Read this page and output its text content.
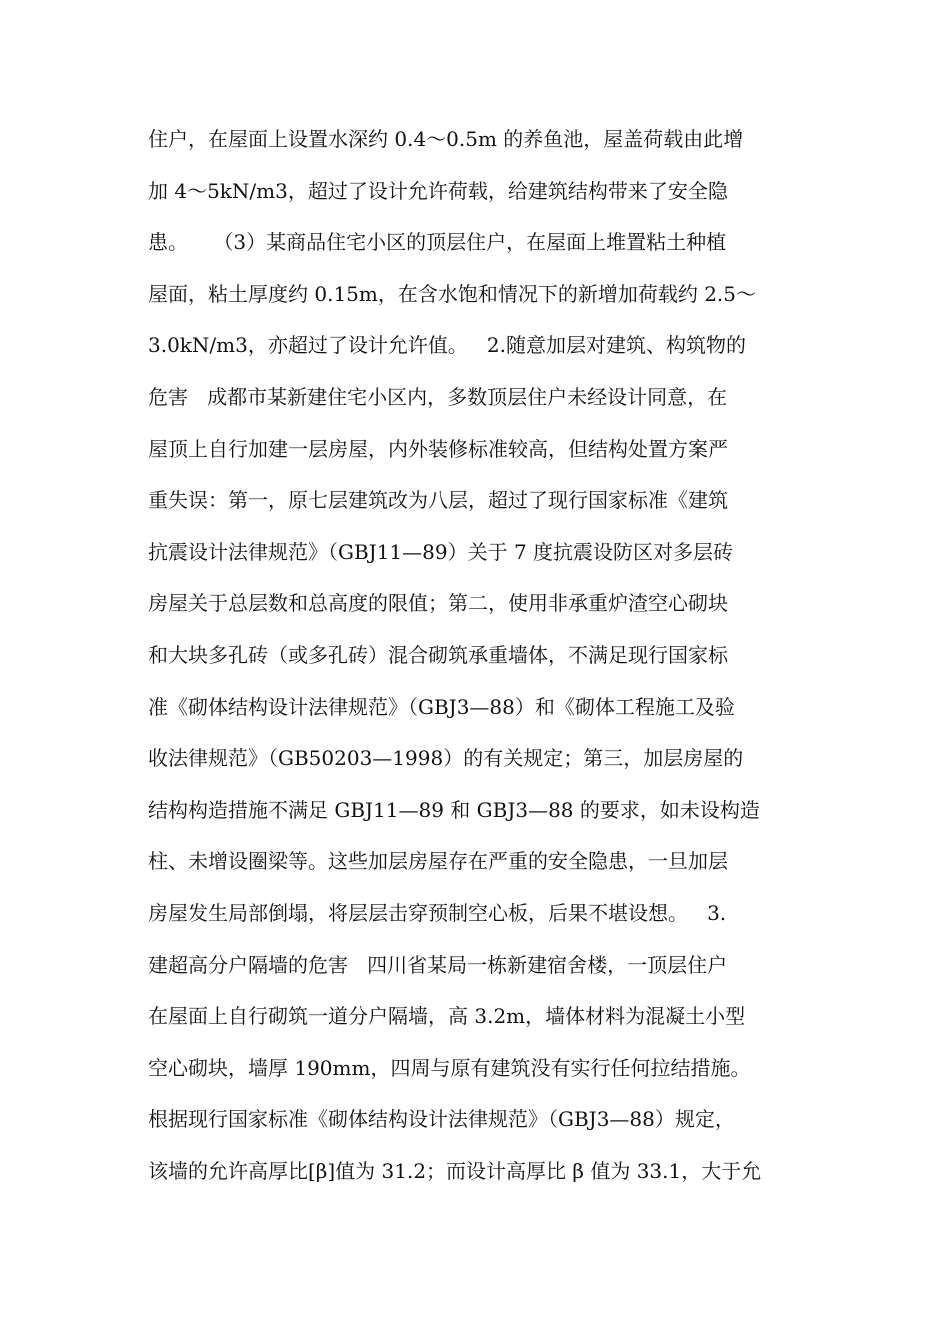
住户，在屋面上设置水深约 0.4～0.5m 的养鱼池，屋盖荷载由此增
加 4～5kN/m3，超过了设计允许荷载，给建筑结构带来了安全隐
患。    （3）某商品住宅小区的顶层住户，在屋面上堆置粘土种植
屋面，粘土厚度约 0.15m，在含水饱和情况下的新增加荷载约 2.5～
3.0kN/m3，亦超过了设计允许值。   2.随意加层对建筑、构筑物的
危害   成都市某新建住宅小区内，多数顶层住户未经设计同意，在
屋顶上自行加建一层房屋，内外装修标准较高，但结构处置方案严
重失误：第一，原七层建筑改为八层，超过了现行国家标准《建筑
抗震设计法律规范》（GBJ11—89）关于 7 度抗震设防区对多层砖
房屋关于总层数和总高度的限值；第二，使用非承重炉渣空心砌块
和大块多孔砖（或多孔砖）混合砌筑承重墙体，不满足现行国家标
准《砌体结构设计法律规范》（GBJ3—88）和《砌体工程施工及验
收法律规范》（GB50203—1998）的有关规定；第三，加层房屋的
结构构造措施不满足 GBJ11—89 和 GBJ3—88 的要求，如未设构造
柱、未增设圈梁等。这些加层房屋存在严重的安全隐患，一旦加层
房屋发生局部倒塌，将层层击穿预制空心板，后果不堪设想。   3.
建超高分户隔墙的危害   四川省某局一栋新建宿舍楼，一顶层住户
在屋面上自行砌筑一道分户隔墙，高 3.2m，墙体材料为混凝土小型
空心砌块，墙厚 190mm，四周与原有建筑没有实行任何拉结措施。
根据现行国家标准《砌体结构设计法律规范》（GBJ3—88）规定，
该墙的允许高厚比[β]值为 31.2；而设计高厚比 β 值为 33.1，大于允
